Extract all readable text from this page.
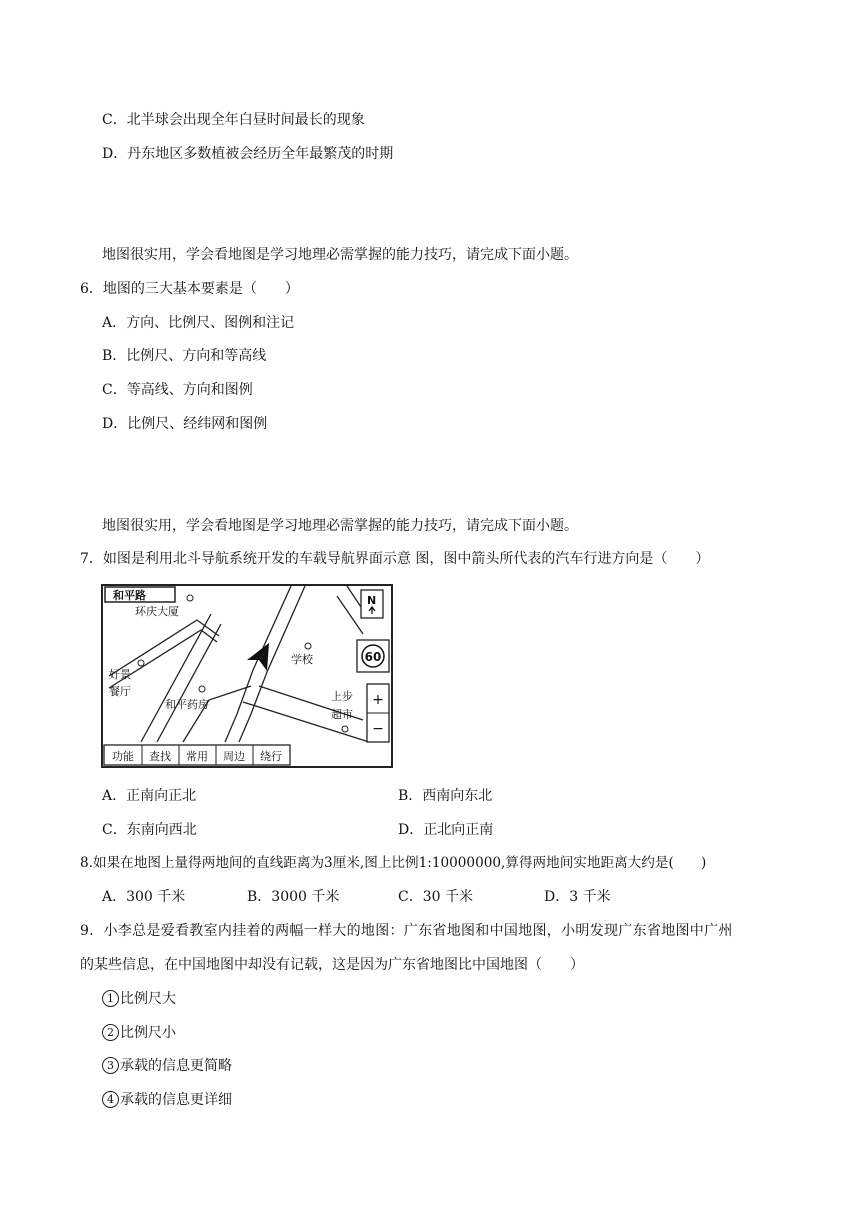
C．北半球会出现全年白昼时间最长的现象
D．丹东地区多数植被会经历全年最繁茂的时期
地图很实用，学会看地图是学习地理必需掌握的能力技巧，请完成下面小题。
6．地图的三大基本要素是（　　）
A．方向、比例尺、图例和注记
B．比例尺、方向和等高线
C．等高线、方向和图例
D．比例尺、经纬网和图例
地图很实用，学会看地图是学习地理必需掌握的能力技巧，请完成下面小题。
7．如图是利用北斗导航系统开发的车载导航界面示意 图，图中箭头所代表的汽车行进方向是（　　）
和平路
环庆大厦
好景
餐厅
和平药房
学校
上步
超市
N
60
+
−
功能 查找 常用 周边 绕行
A．正南向正北	B．西南向东北
C．东南向西北	D．正北向正南
8.如果在地图上量得两地间的直线距离为3厘米,图上比例1:10000000,算得两地间实地距离大约是(　　)
A．300 千米	B．3000 千米	C．30 千米	D．3 千米
9．小李总是爱看教室内挂着的两幅一样大的地图：广东省地图和中国地图，小明发现广东省地图中广州
的某些信息，在中国地图中却没有记载，这是因为广东省地图比中国地图（　　）
1 比例尺大
2 比例尺小
3 承载的信息更简略
4 承载的信息更详细
